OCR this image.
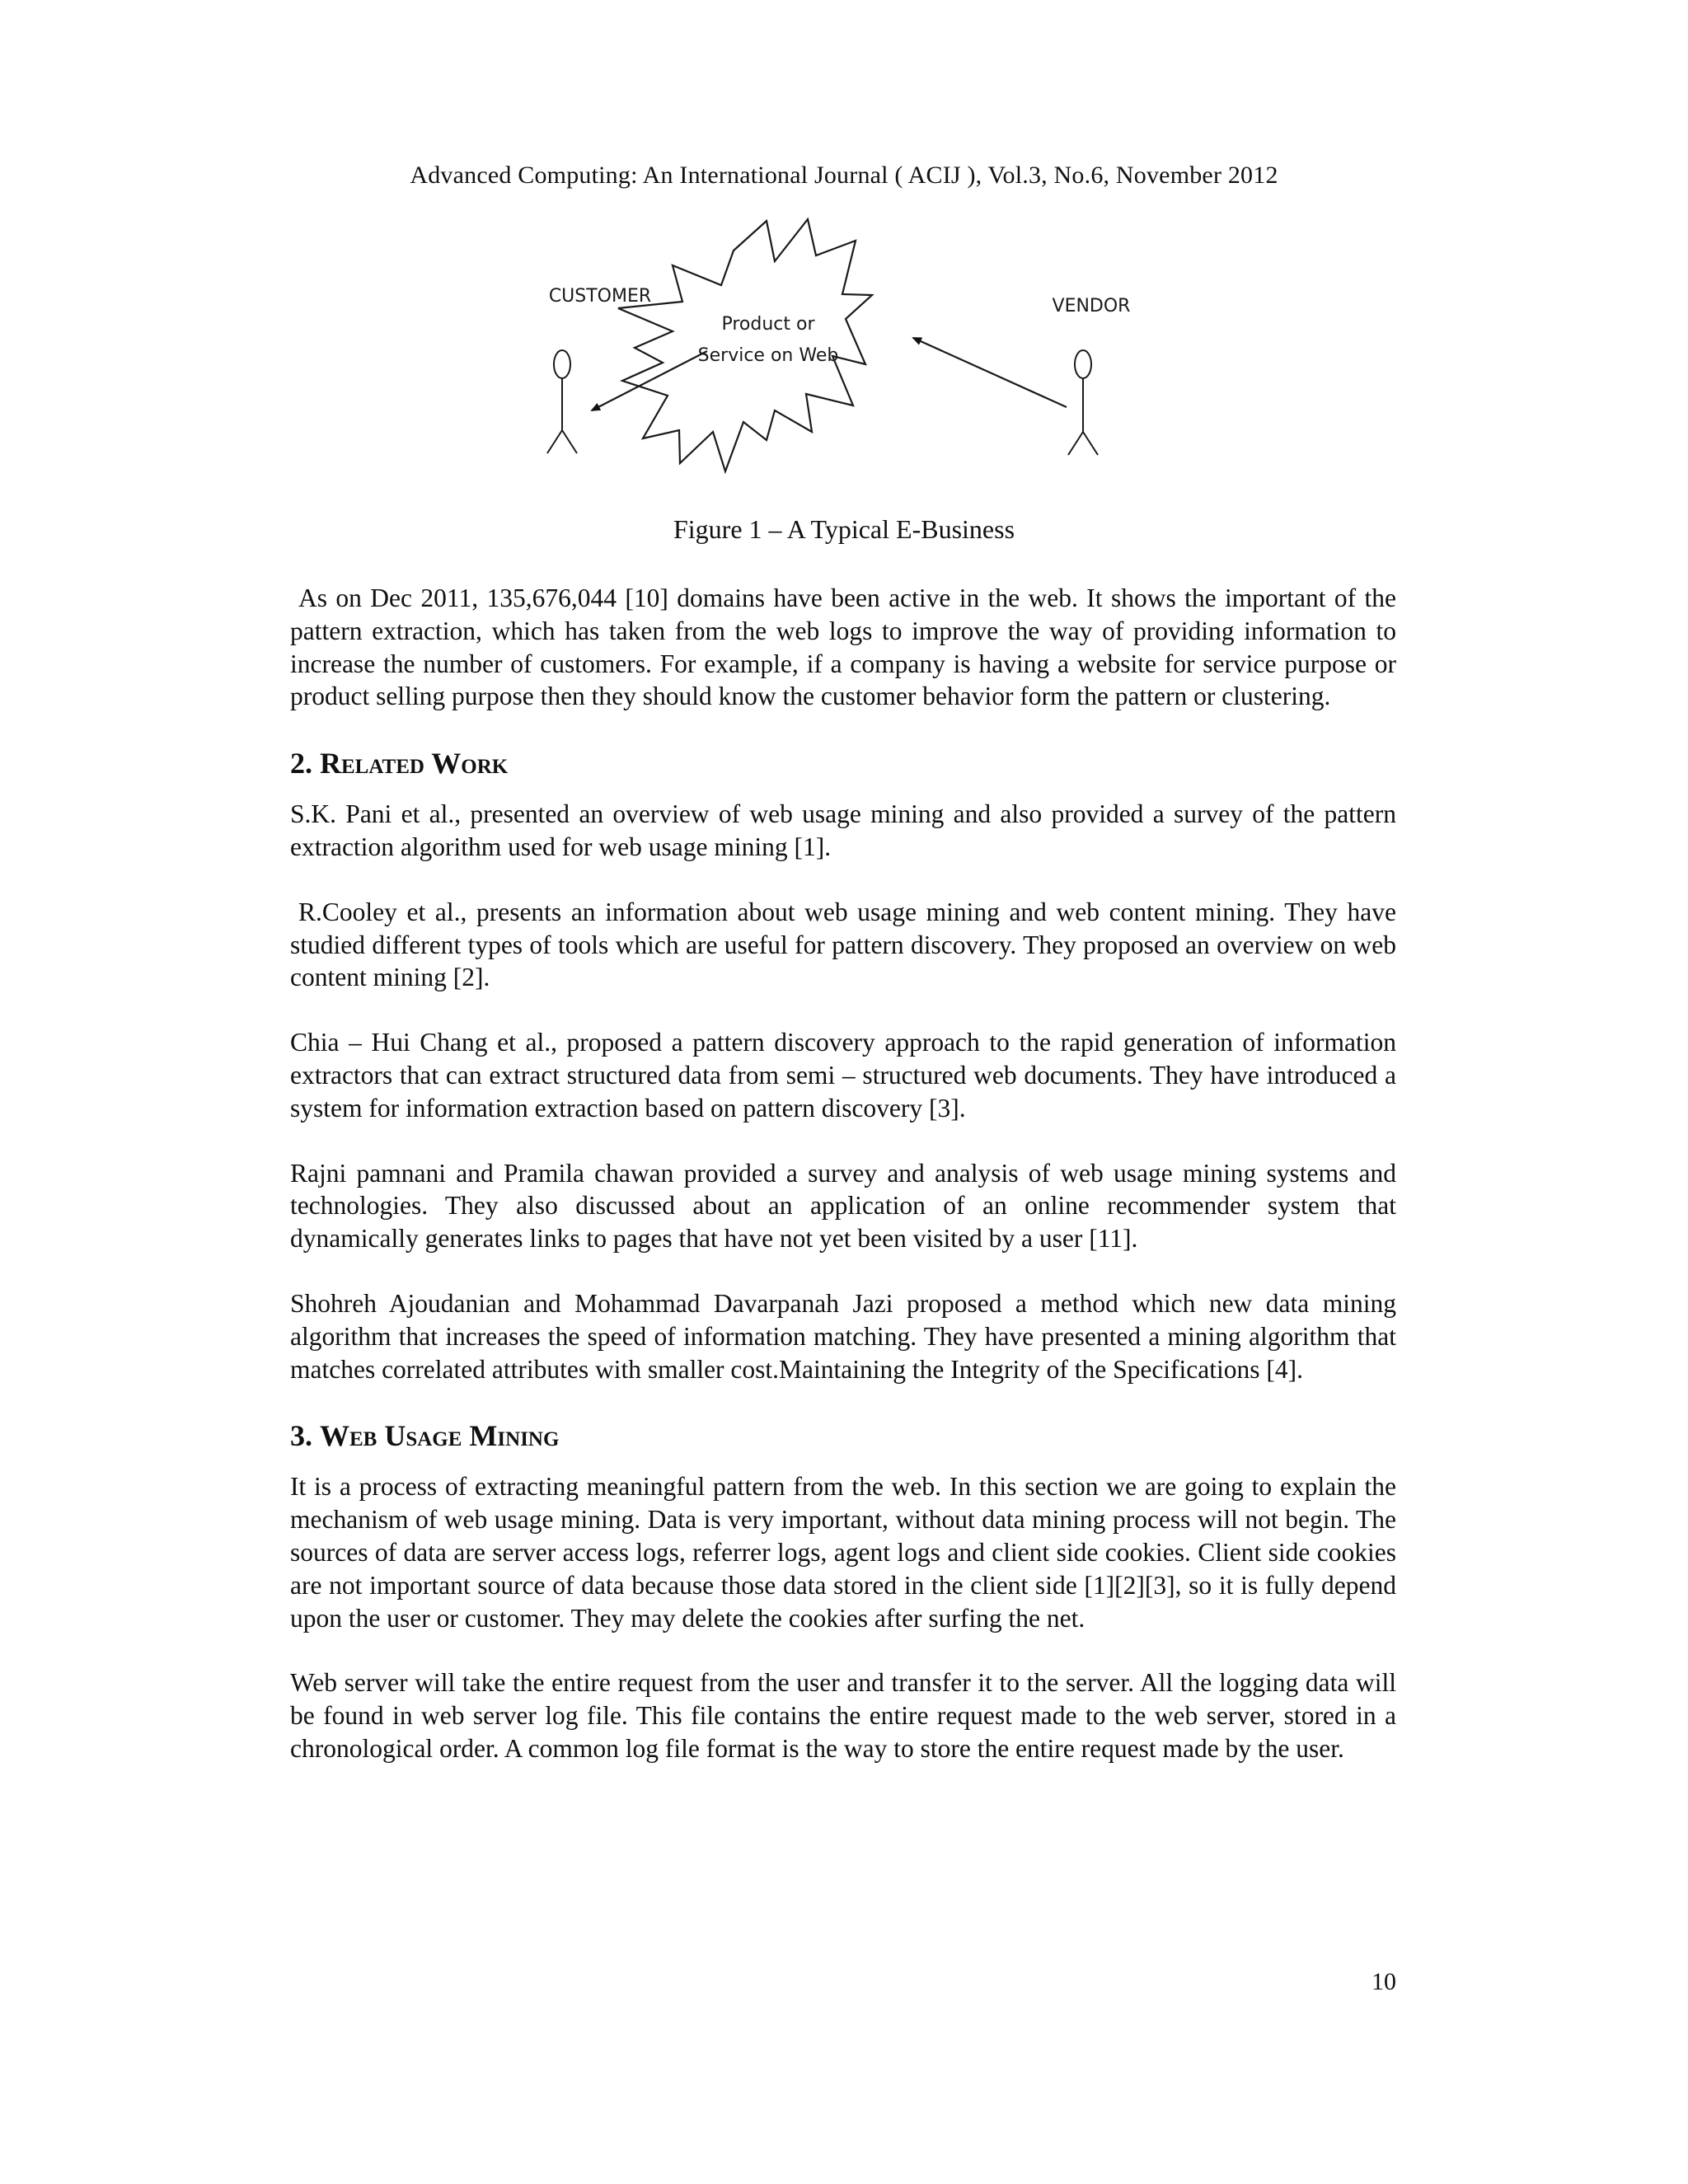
Advanced Computing: An International Journal ( ACIJ ), Vol.3, No.6, November 2012
Product or
Service on Web
CUSTOMER	VENDOR
Figure 1 – A Typical E-Business

As on Dec 2011, 135,676,044 [10] domains have been active in the web. It shows the important of the pattern extraction, which has taken from the web logs to improve the way of providing information to increase the number of customers. For example, if a company is having a website for service purpose or product selling purpose then they should know the customer behavior form the pattern or clustering.

2. Related Work

S.K. Pani et al., presented an overview of web usage mining and also provided a survey of the pattern extraction algorithm used for web usage mining [1].

R.Cooley et al., presents an information about web usage mining and web content mining. They have studied different types of tools which are useful for pattern discovery. They proposed an overview on web content mining [2].

Chia – Hui Chang et al., proposed a pattern discovery approach to the rapid generation of information extractors that can extract structured data from semi – structured web documents. They have introduced a system for information extraction based on pattern discovery [3].

Rajni pamnani and Pramila chawan provided a survey and analysis of web usage mining systems and technologies. They also discussed about an application of an online recommender system that dynamically generates links to pages that have not yet been visited by a user [11].

Shohreh Ajoudanian and Mohammad Davarpanah Jazi proposed a method which new data mining algorithm that increases the speed of information matching. They have presented a mining algorithm that matches correlated attributes with smaller cost.Maintaining the Integrity of the Specifications [4].

3. Web Usage Mining

It is a process of extracting meaningful pattern from the web. In this section we are going to explain the mechanism of web usage mining. Data is very important, without data mining process will not begin. The sources of data are server access logs, referrer logs, agent logs and client side cookies. Client side cookies are not important source of data because those data stored in the client side [1][2][3], so it is fully depend upon the user or customer. They may delete the cookies after surfing the net.

Web server will take the entire request from the user and transfer it to the server. All the logging data will be found in web server log file. This file contains the entire request made to the web server, stored in a chronological order. A common log file format is the way to store the entire request made by the user.

10
